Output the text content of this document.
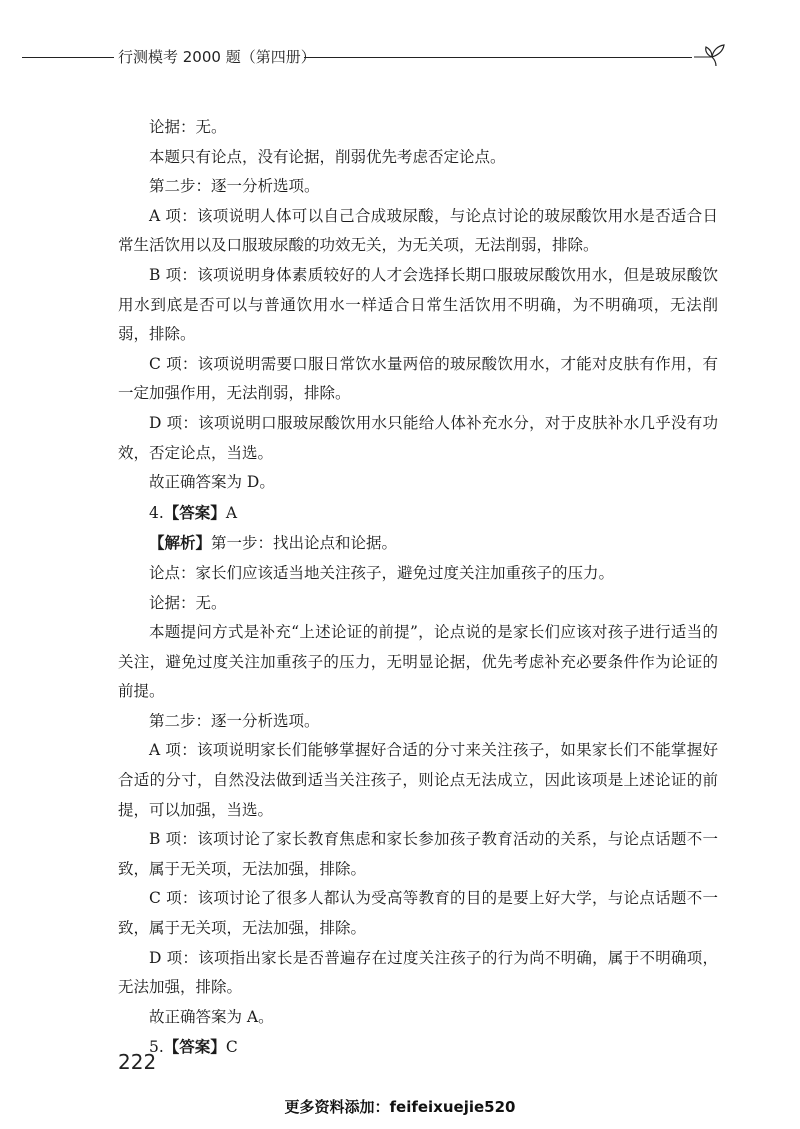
行测模考 2000 题（第四册）

论据：无。

本题只有论点，没有论据，削弱优先考虑否定论点。

第二步：逐一分析选项。

A 项：该项说明人体可以自己合成玻尿酸，与论点讨论的玻尿酸饮用水是否适合日常生活饮用以及口服玻尿酸的功效无关，为无关项，无法削弱，排除。

B 项：该项说明身体素质较好的人才会选择长期口服玻尿酸饮用水，但是玻尿酸饮用水到底是否可以与普通饮用水一样适合日常生活饮用不明确，为不明确项，无法削弱，排除。

C 项：该项说明需要口服日常饮水量两倍的玻尿酸饮用水，才能对皮肤有作用，有一定加强作用，无法削弱，排除。

D 项：该项说明口服玻尿酸饮用水只能给人体补充水分，对于皮肤补水几乎没有功效，否定论点，当选。

故正确答案为 D。

4.【答案】A

【解析】第一步：找出论点和论据。

论点：家长们应该适当地关注孩子，避免过度关注加重孩子的压力。

论据：无。

本题提问方式是补充“上述论证的前提”，论点说的是家长们应该对孩子进行适当的关注，避免过度关注加重孩子的压力，无明显论据，优先考虑补充必要条件作为论证的前提。

第二步：逐一分析选项。

A 项：该项说明家长们能够掌握好合适的分寸来关注孩子，如果家长们不能掌握好合适的分寸，自然没法做到适当关注孩子，则论点无法成立，因此该项是上述论证的前提，可以加强，当选。

B 项：该项讨论了家长教育焦虑和家长参加孩子教育活动的关系，与论点话题不一致，属于无关项，无法加强，排除。

C 项：该项讨论了很多人都认为受高等教育的目的是要上好大学，与论点话题不一致，属于无关项，无法加强，排除。

D 项：该项指出家长是否普遍存在过度关注孩子的行为尚不明确，属于不明确项，无法加强，排除。

故正确答案为 A。

5.【答案】C

222
更多资料添加：feifeixuejie520
